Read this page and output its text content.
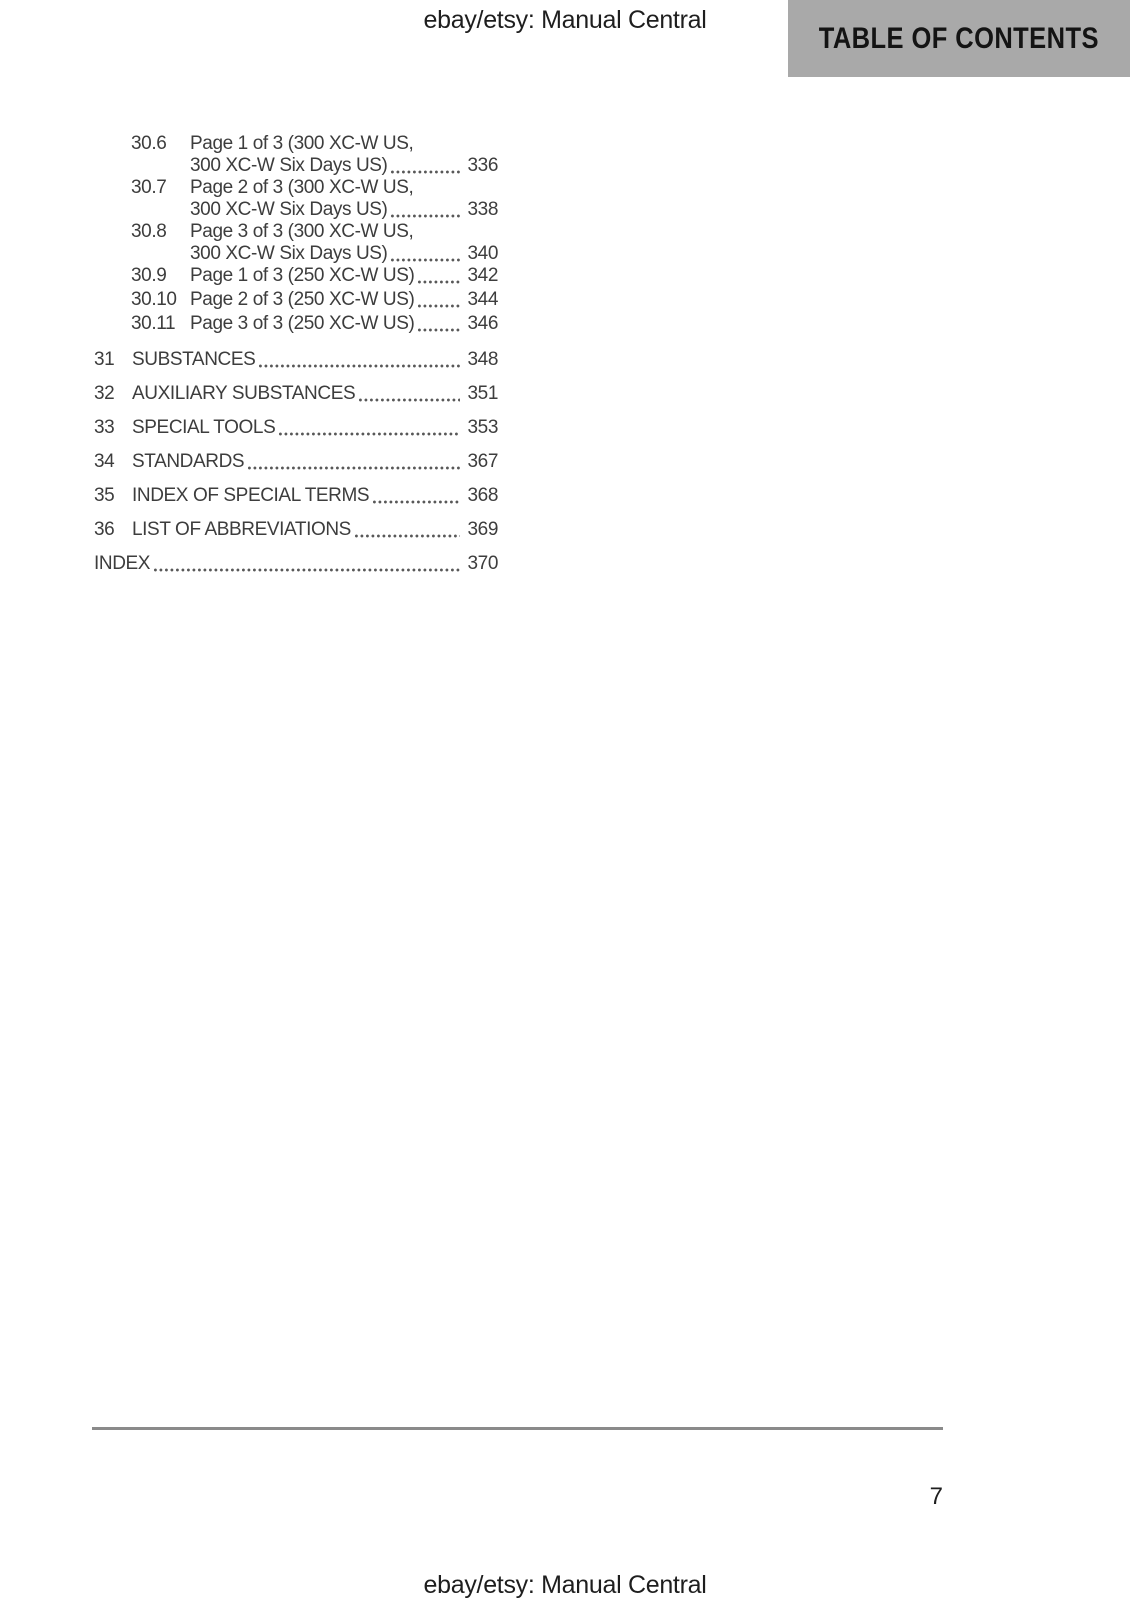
ebay/etsy: Manual Central
TABLE OF CONTENTS
30.6	Page 1 of 3 (300 XC-W US,
300 XC-W Six Days US)	336
30.7	Page 2 of 3 (300 XC-W US,
300 XC-W Six Days US)	338
30.8	Page 3 of 3 (300 XC-W US,
300 XC-W Six Days US)	340
30.9	Page 1 of 3 (250 XC-W US)	342
30.10 Page 2 of 3 (250 XC-W US)	344
30.11 Page 3 of 3 (250 XC-W US)	346
31 SUBSTANCES	348
32 AUXILIARY SUBSTANCES	351
33 SPECIAL TOOLS	353
34 STANDARDS	367
35 INDEX OF SPECIAL TERMS	368
36 LIST OF ABBREVIATIONS	369
INDEX	370
7
ebay/etsy: Manual Central
